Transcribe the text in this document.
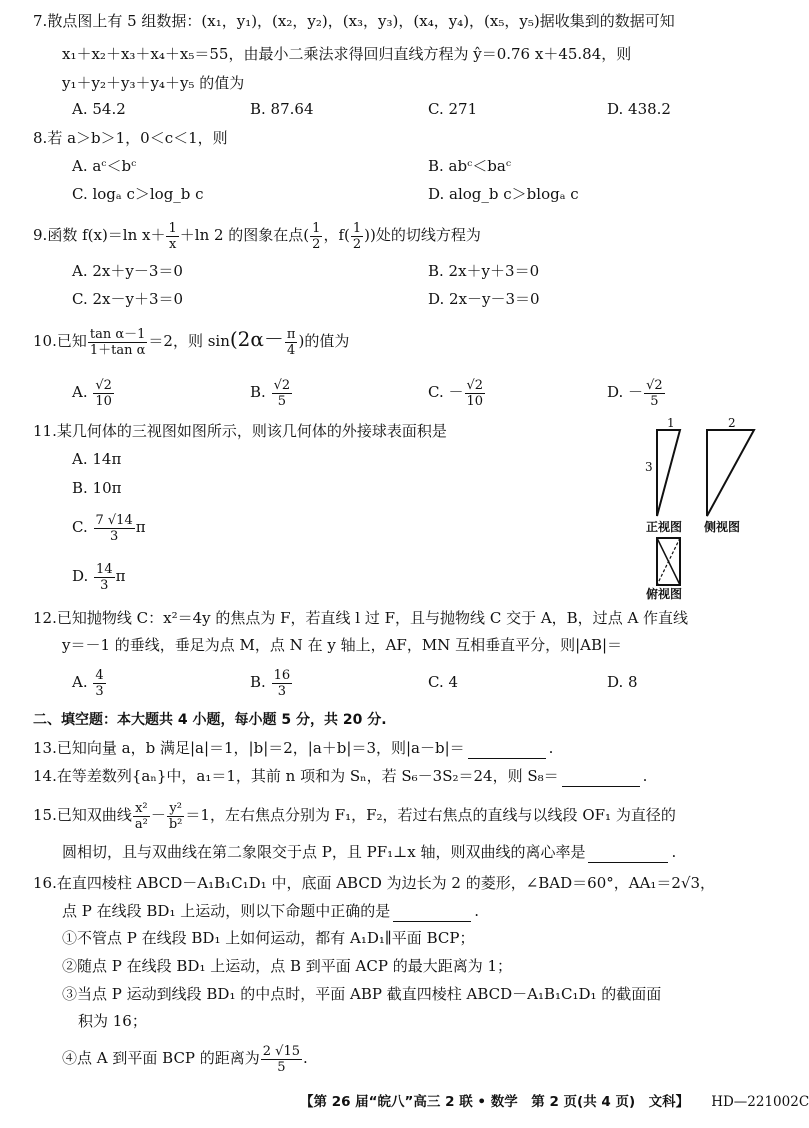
7.散点图上有 5 组数据：(x₁，y₁)，(x₂，y₂)，(x₃，y₃)，(x₄，y₄)，(x₅，y₅)据收集到的数据可知
x₁＋x₂＋x₃＋x₄＋x₅＝55，由最小二乘法求得回归直线方程为 ŷ＝0.76 x＋45.84，则
y₁＋y₂＋y₃＋y₄＋y₅ 的值为
A. 54.2	B. 87.64	C. 271	D. 438.2
8.若 a＞b＞1，0＜c＜1，则
A. aᶜ＜bᶜ	B. abᶜ＜baᶜ
C. logₐ c＞log_b c	D. alog_b c＞blogₐ c
9.函数 f(x)＝ln $x+ \frac{1}{x} +\ln$ 2 的图象在点( $\frac{1}{2}$ ，$f( \frac{1}{2}$ ))处的切线方程为
A. 2x＋y－3＝0	B. 2x＋y＋3＝0
C. 2x－y＋3＝0	D. 2x－y－3＝0
10.已知 $\frac{\text{tan α－1}}{\text{1＋tan α}} =2$，则 $\sin(2\alpha- \frac{\pi}{4}$ )的值为
A. $\frac{√2}{10}$	B. $\frac{√2}{5}$	C. － $\frac{√2}{10}$	D. － $\frac{√2}{5}$
11.某几何体的三视图如图所示，则该几何体的外接球表面积是
A. 14π
B. 10π
C. $\frac{7 √14}{3}$ π
D. $\frac{14}{3}$ π
1	2
3
正视图 侧视图
俯视图
12.已知抛物线 C：x²＝4y 的焦点为 F，若直线 l 过 F，且与抛物线 C 交于 A，B，过点 A 作直线
y＝－1 的垂线，垂足为点 M，点 N 在 y 轴上，AF，MN 互相垂直平分，则|AB|＝
A. $\frac{4}{3}$	B. $\frac{16}{3}$	C. 4	D. 8
二、填空题：本大题共 4 小题，每小题 5 分，共 20 分.
13.已知向量 a，b 满足|a|＝1，|b|＝2，|a＋b|＝3，则|a－b|＝	.
14.在等差数列{aₙ}中，a₁＝1，其前 n 项和为 Sₙ，若 S₆－3S₂＝24，则 S₈＝	.
15.已知双曲线 $\frac{\text{x²}}{\text{a²}} - \frac{\text{y²}}{\text{b²}} =1$，左右焦点分别为 F₁，F₂，若过右焦点的直线与以线段 OF₁ 为直径的
圆相切，且与双曲线在第二象限交于点 P，且 PF₁⊥x 轴，则双曲线的离心率是	.
16.在直四棱柱 ABCD－A₁B₁C₁D₁ 中，底面 ABCD 为边长为 2 的菱形，∠BAD＝60°，AA₁＝2√3，
点 P 在线段 BD₁ 上运动，则以下命题中正确的是	.
①不管点 P 在线段 BD₁ 上如何运动，都有 A₁D₁∥平面 BCP；
②随点 P 在线段 BD₁ 上运动，点 B 到平面 ACP 的最大距离为 1；
③当点 P 运动到线段 BD₁ 的中点时，平面 ABP 截直四棱柱 ABCD－A₁B₁C₁D₁ 的截面面
积为 16；
④点 A 到平面 BCP 的距离为 $\frac{2 √15}{5}$ .
【第 26 届“皖八”高三 2 联 • 数学　第 2 页(共 4 页)　文科】 HD—221002C
